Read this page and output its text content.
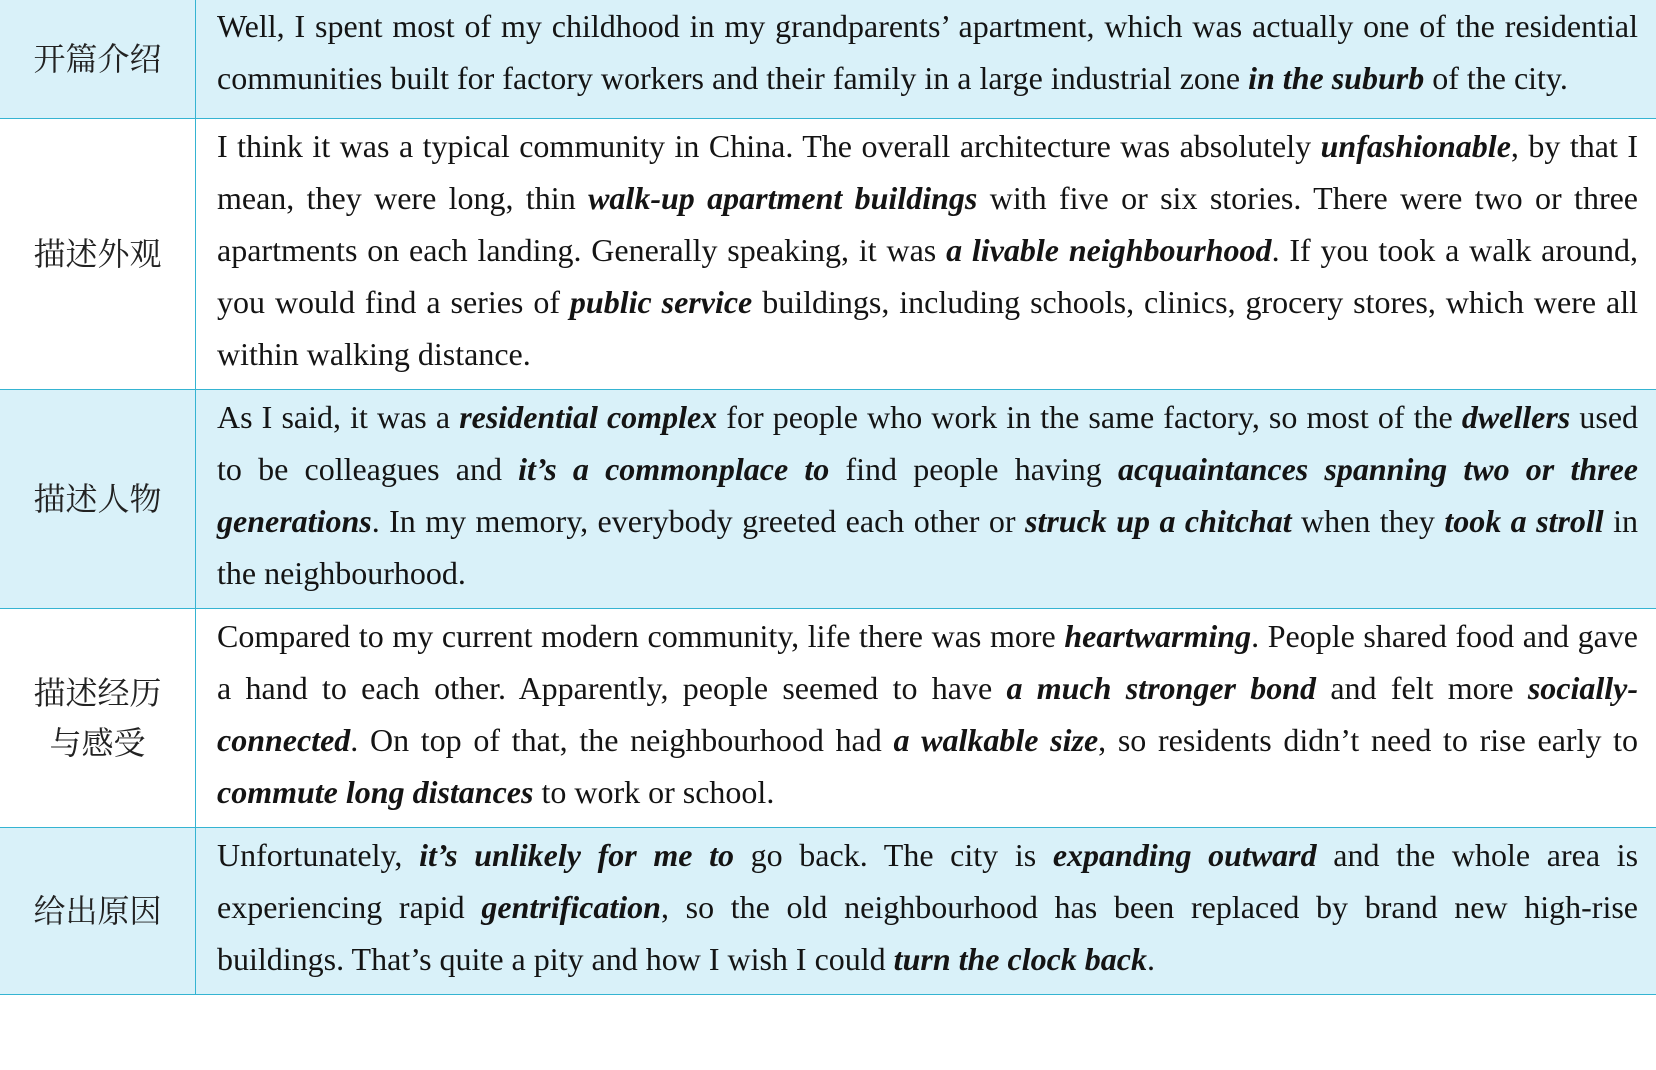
开篇介绍	Well, I spent most of my childhood in my grandparents’ apartment, which was actually one of the residential communities built for factory workers and their family in a large industrial zone in the suburb of the city.
描述外观	I think it was a typical community in China. The overall architecture was absolutely unfashionable, by that I mean, they were long, thin walk-up apartment buildings with five or six stories. There were two or three apartments on each landing. Generally speaking, it was a livable neighbourhood. If you took a walk around, you would find a series of public service buildings, including schools, clinics, grocery stores, which were all within walking distance.
描述人物	As I said, it was a residential complex for people who work in the same factory, so most of the dwellers used to be colleagues and it’s a commonplace to find people having acquaintances spanning two or three generations. In my memory, everybody greeted each other or struck up a chitchat when they took a stroll in the neighbourhood.
描述经历与感受	Compared to my current modern community, life there was more heartwarming. People shared food and gave a hand to each other. Apparently, people seemed to have a much stronger bond and felt more socially-connected. On top of that, the neighbourhood had a walkable size, so residents didn’t need to rise early to commute long distances to work or school.
给出原因	Unfortunately, it’s unlikely for me to go back. The city is expanding outward and the whole area is experiencing rapid gentrification, so the old neighbourhood has been replaced by brand new high-rise buildings. That’s quite a pity and how I wish I could turn the clock back.
